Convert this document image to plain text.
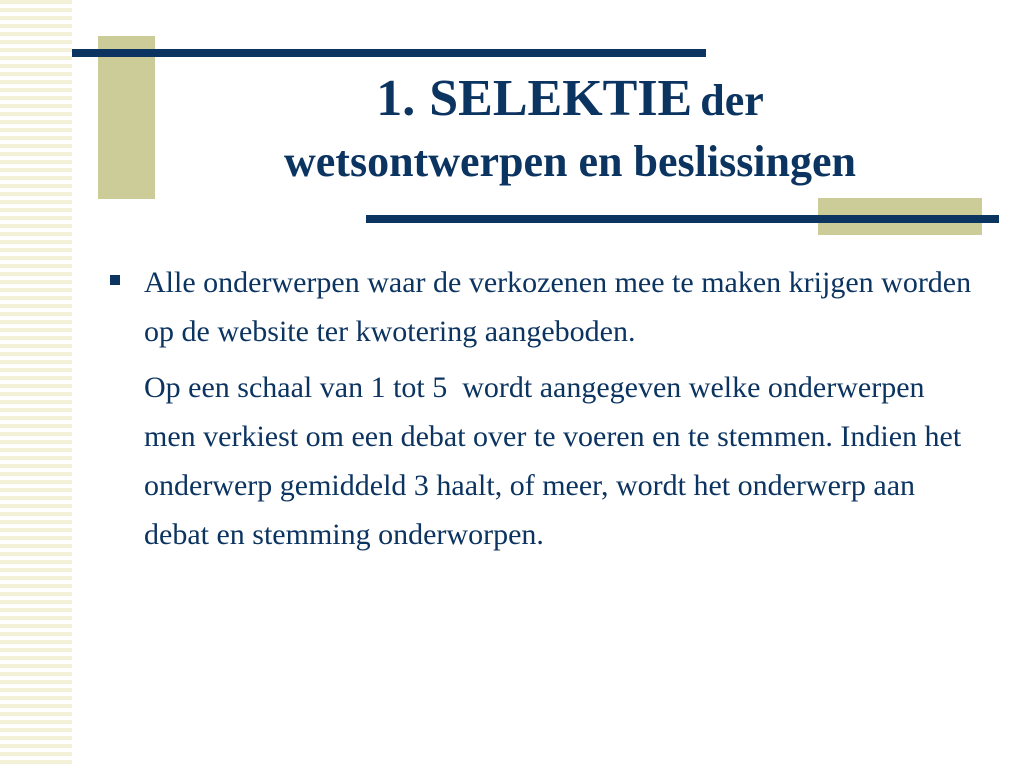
1. SELEKTIE der
wetsontwerpen en beslissingen
Alle onderwerpen waar de verkozenen mee te maken krijgen worden op de website ter kwotering aangeboden.
Op een schaal van 1 tot 5  wordt aangegeven welke onderwerpen men verkiest om een debat over te voeren en te stemmen. Indien het onderwerp gemiddeld 3 haalt, of meer, wordt het onderwerp aan debat en stemming onderworpen.
